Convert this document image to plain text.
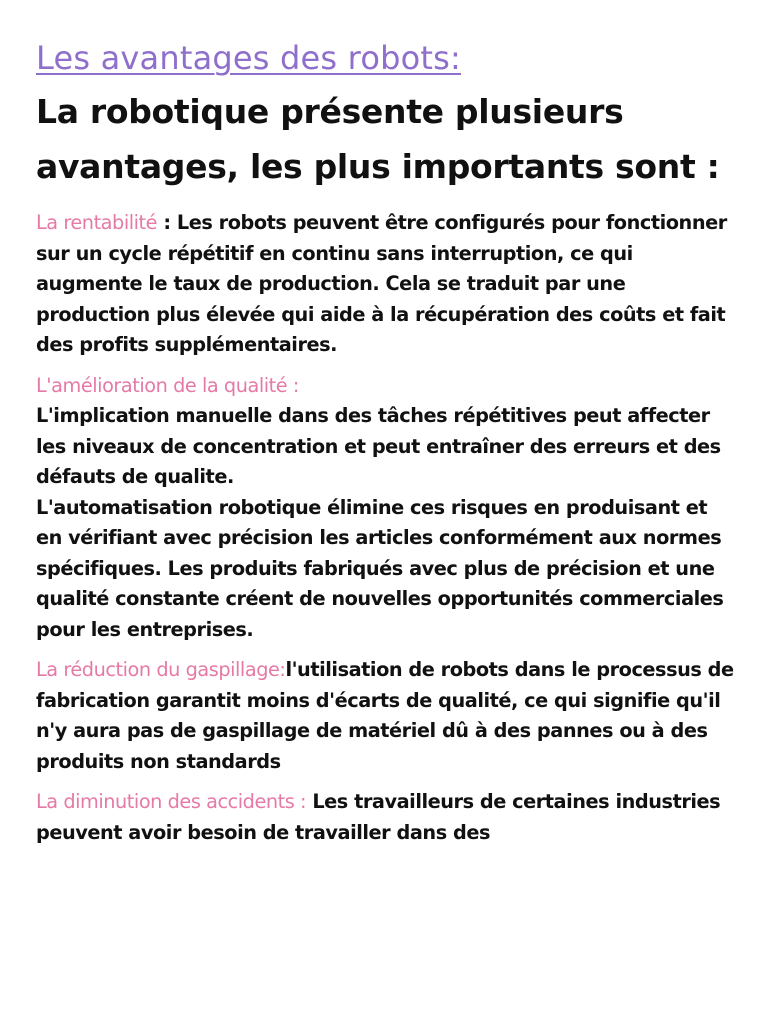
Les avantages des robots:

La robotique présente plusieurs avantages, les plus importants sont :

La rentabilité : Les robots peuvent être configurés pour fonctionner sur un cycle répétitif en continu sans interruption, ce qui augmente le taux de production. Cela se traduit par une production plus élevée qui aide à la récupération des coûts et fait des profits supplémentaires.

L'amélioration de la qualité :
L'implication manuelle dans des tâches répétitives peut affecter les niveaux de concentration et peut entraîner des erreurs et des défauts de qualite.
L'automatisation robotique élimine ces risques en produisant et en vérifiant avec précision les articles conformément aux normes spécifiques. Les produits fabriqués avec plus de précision et une qualité constante créent de nouvelles opportunités commerciales pour les entreprises.

La réduction du gaspillage:l'utilisation de robots dans le processus de fabrication garantit moins d'écarts de qualité, ce qui signifie qu'il n'y aura pas de gaspillage de matériel dû à des pannes ou à des produits non standards

La diminution des accidents : Les travailleurs de certaines industries peuvent avoir besoin de travailler dans des
